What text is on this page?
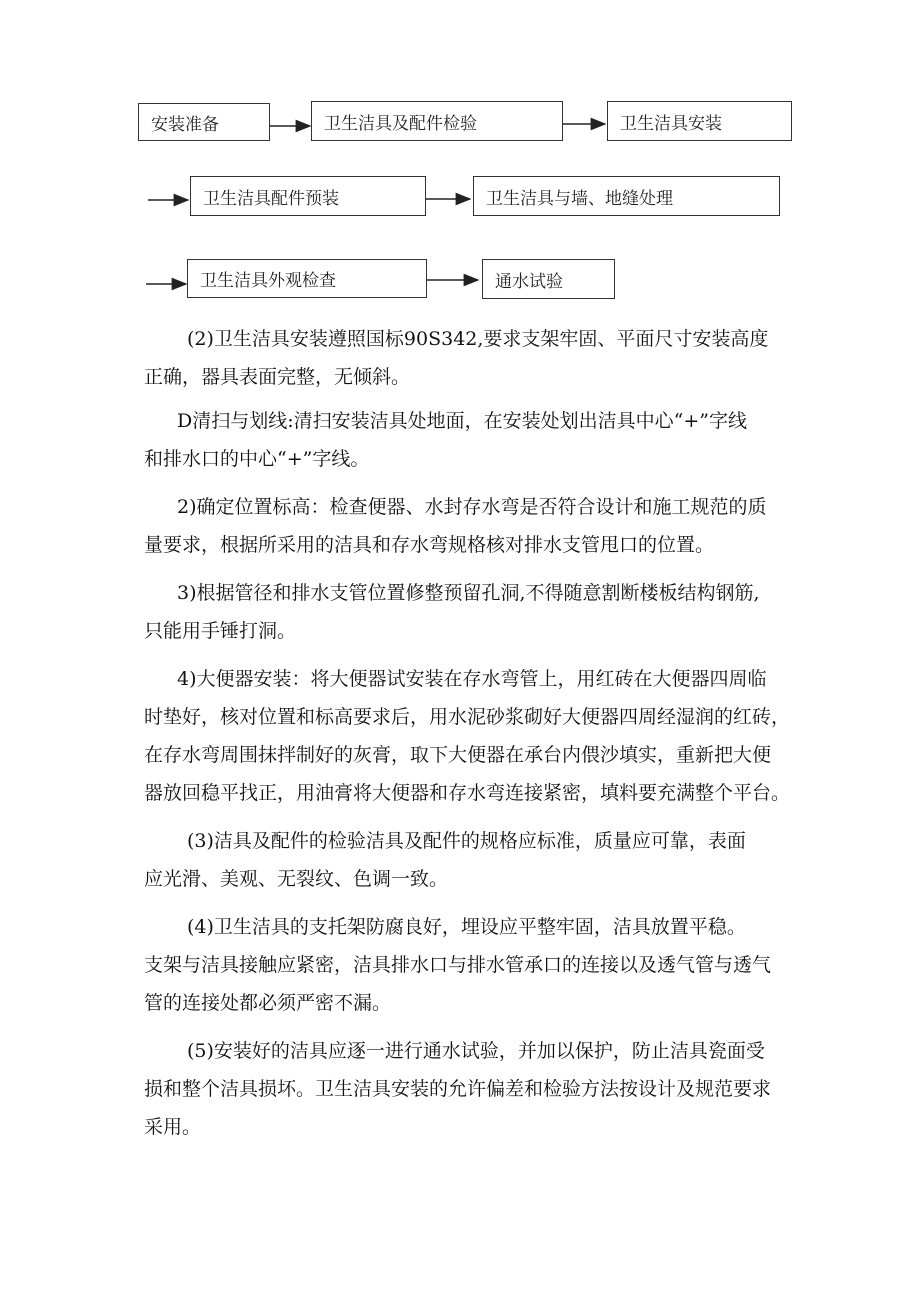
安装准备	卫生洁具及配件检验	卫生洁具安装
卫生洁具配件预装	卫生洁具与墙、地缝处理
卫生洁具外观检查	通水试验
(2)卫生洁具安装遵照国标90S342,要求支架牢固、平面尺寸安装高度
正确，器具表面完整，无倾斜。
D清扫与划线:清扫安装洁具处地面，在安装处划出洁具中心“+”字线
和排水口的中心“+”字线。
2)确定位置标高：检查便器、水封存水弯是否符合设计和施工规范的质
量要求，根据所采用的洁具和存水弯规格核对排水支管甩口的位置。
3)根据管径和排水支管位置修整预留孔洞,不得随意割断楼板结构钢筋,
只能用手锤打洞。
4)大便器安装：将大便器试安装在存水弯管上，用红砖在大便器四周临
时垫好，核对位置和标高要求后，用水泥砂浆砌好大便器四周经湿润的红砖，
在存水弯周围抹拌制好的灰膏，取下大便器在承台内偎沙填实，重新把大便
器放回稳平找正，用油膏将大便器和存水弯连接紧密，填料要充满整个平台。
(3)洁具及配件的检验洁具及配件的规格应标准，质量应可靠，表面
应光滑、美观、无裂纹、色调一致。
(4)卫生洁具的支托架防腐良好，埋设应平整牢固，洁具放置平稳。
支架与洁具接触应紧密，洁具排水口与排水管承口的连接以及透气管与透气
管的连接处都必须严密不漏。
(5)安装好的洁具应逐一进行通水试验，并加以保护，防止洁具瓷面受
损和整个洁具损坏。卫生洁具安装的允许偏差和检验方法按设计及规范要求
采用。
